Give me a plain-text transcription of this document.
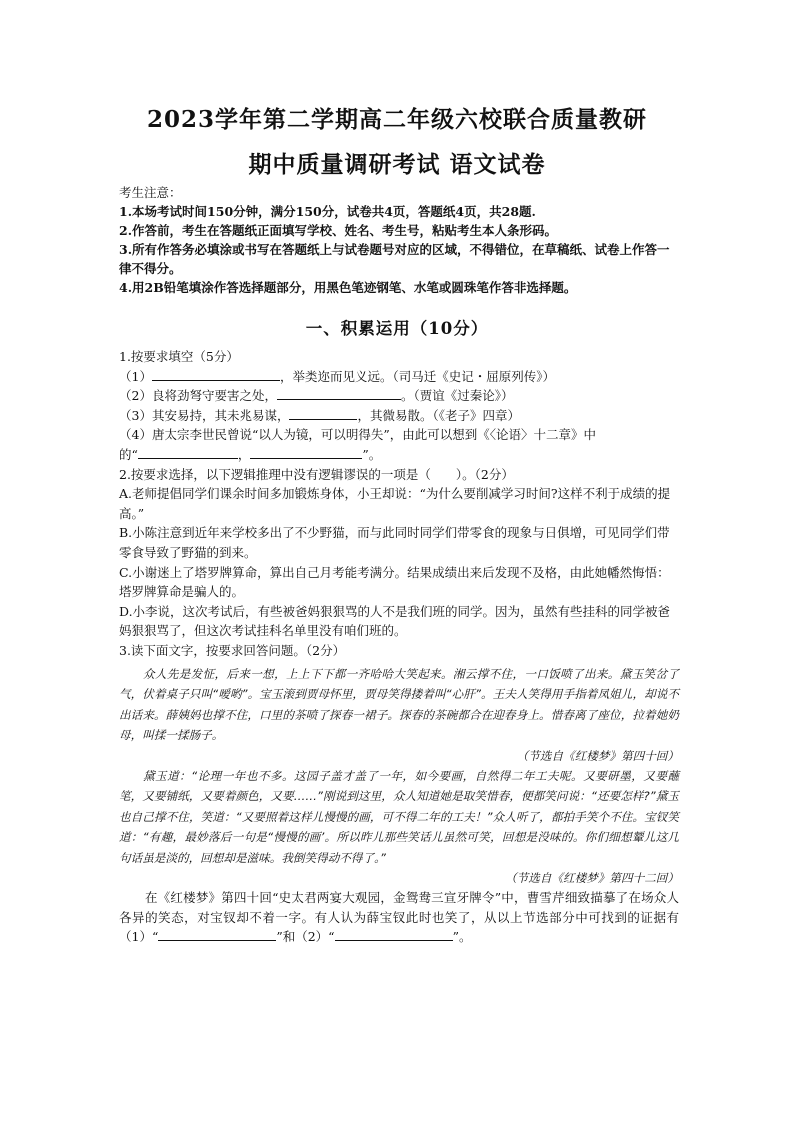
2023学年第二学期高二年级六校联合质量教研
期中质量调研考试 语文试卷
考生注意：
1.本场考试时间150分钟，满分150分，试卷共4页，答题纸4页，共28题.
2.作答前，考生在答题纸正面填写学校、姓名、考生号，粘贴考生本人条形码。
3.所有作答务必填涂或书写在答题纸上与试卷题号对应的区域，不得错位，在草稿纸、试卷上作答一律不得分。
4.用2B铅笔填涂作答选择题部分，用黑色笔迹钢笔、水笔或圆珠笔作答非选择题。
一、积累运用（10分）
1.按要求填空（5分）
（1）	，举类迩而见义远。（司马迁《史记・屈原列传》）
（2）良将劲弩守要害之处，	。（贾谊《过秦论》）
（3）其安易持，其未兆易谋，	，其微易散。（《老子》四章）
（4）唐太宗李世民曾说“以人为镜，可以明得失”，由此可以想到《〈论语〉十二章》中
的“	，	”。
2.按要求选择，以下逻辑推理中没有逻辑谬误的一项是（　　）。（2分）
A.老师提倡同学们课余时间多加锻炼身体，小王却说：“为什么要削减学习时间?这样不利于成绩的提高。”
B.小陈注意到近年来学校多出了不少野猫，而与此同时同学们带零食的现象与日俱增，可见同学们带零食导致了野猫的到来。
C.小谢迷上了塔罗牌算命，算出自己月考能考满分。结果成绩出来后发现不及格，由此她幡然悔悟：塔罗牌算命是骗人的。
D.小李说，这次考试后，有些被爸妈狠狠骂的人不是我们班的同学。因为，虽然有些挂科的同学被爸妈狠狠骂了，但这次考试挂科名单里没有咱们班的。
3.读下面文字，按要求回答问题。（2分）
众人先是发怔，后来一想，上上下下都一齐哈哈大笑起来。湘云撑不住，一口饭喷了出来。黛玉笑岔了气，伏着桌子只叫“嗳哟”。宝玉滚到贾母怀里，贾母笑得搂着叫“心肝”。王夫人笑得用手指着凤姐儿，却说不出话来。薛姨妈也撑不住，口里的茶喷了探春一裙子。探春的茶碗都合在迎春身上。惜春离了座位，拉着她奶母，叫揉一揉肠子。
（节选自《红楼梦》第四十回）
黛玉道：“论理一年也不多。这园子盖才盖了一年，如今要画，自然得二年工夫呢。又要研墨，又要蘸笔，又要铺纸，又要着颜色，又要……”刚说到这里，众人知道她是取笑惜春，便都笑问说：“还要怎样?”黛玉也自己撑不住，笑道：“又要照着这样儿慢慢的画，可不得二年的工夫！”众人听了，都拍手笑个不住。宝钗笑道：“有趣，最妙落后一句是“慢慢的画’。所以昨儿那些笑话儿虽然可笑，回想是没味的。你们细想颦儿这几句话虽是淡的，回想却是滋味。我倒笑得动不得了。”
（节选自《红楼梦》第四十二回）
在《红楼梦》第四十回“史太君两宴大观园，金鸳鸯三宣牙牌令”中，曹雪芹细致描摹了在场众人各异的笑态，对宝钗却不着一字。有人认为薛宝钗此时也笑了，从以上节选部分中可找到的证据有（1）“	”和（2）“	”。
